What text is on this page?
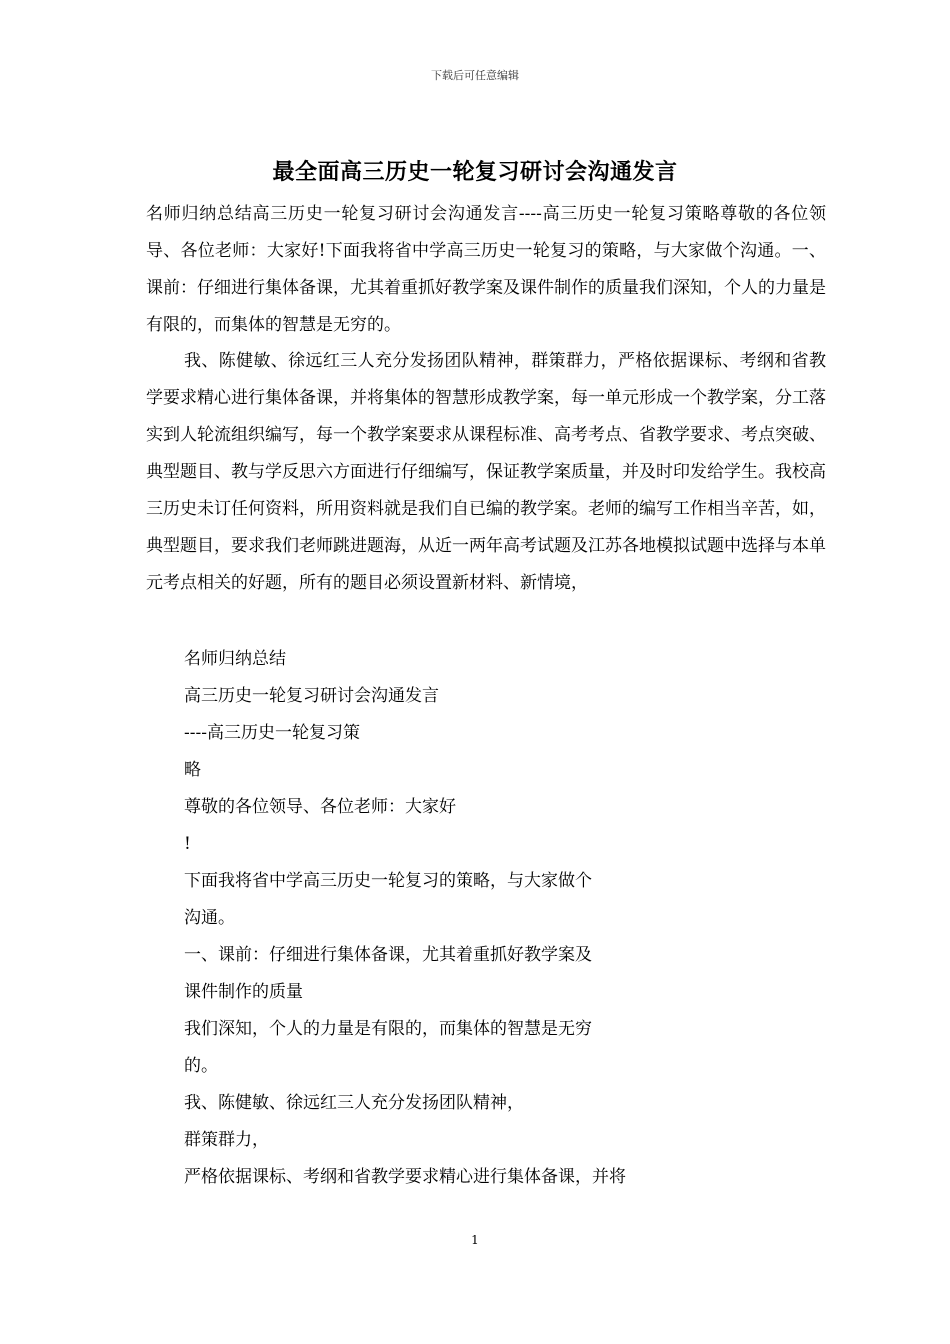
下载后可任意编辑
最全面高三历史一轮复习研讨会沟通发言
名师归纳总结高三历史一轮复习研讨会沟通发言----高三历史一轮复习策略尊敬的各位领导、各位老师：大家好!下面我将省中学高三历史一轮复习的策略，与大家做个沟通。一、课前：仔细进行集体备课，尤其着重抓好教学案及课件制作的质量我们深知，个人的力量是有限的，而集体的智慧是无穷的。
我、陈健敏、徐远红三人充分发扬团队精神，群策群力，严格依据课标、考纲和省教学要求精心进行集体备课，并将集体的智慧形成教学案，每一单元形成一个教学案，分工落实到人轮流组织编写，每一个教学案要求从课程标准、高考考点、省教学要求、考点突破、典型题目、教与学反思六方面进行仔细编写，保证教学案质量，并及时印发给学生。我校高三历史未订任何资料，所用资料就是我们自已编的教学案。老师的编写工作相当辛苦，如，典型题目，要求我们老师跳进题海，从近一两年高考试题及江苏各地模拟试题中选择与本单元考点相关的好题，所有的题目必须设置新材料、新情境，
名师归纳总结
高三历史一轮复习研讨会沟通发言
----高三历史一轮复习策
略
尊敬的各位领导、各位老师：大家好
!
下面我将省中学高三历史一轮复习的策略，与大家做个
沟通。
一、课前：仔细进行集体备课，尤其着重抓好教学案及
课件制作的质量
我们深知，个人的力量是有限的，而集体的智慧是无穷
的。
我、陈健敏、徐远红三人充分发扬团队精神，
群策群力，
严格依据课标、考纲和省教学要求精心进行集体备课，并将
1
